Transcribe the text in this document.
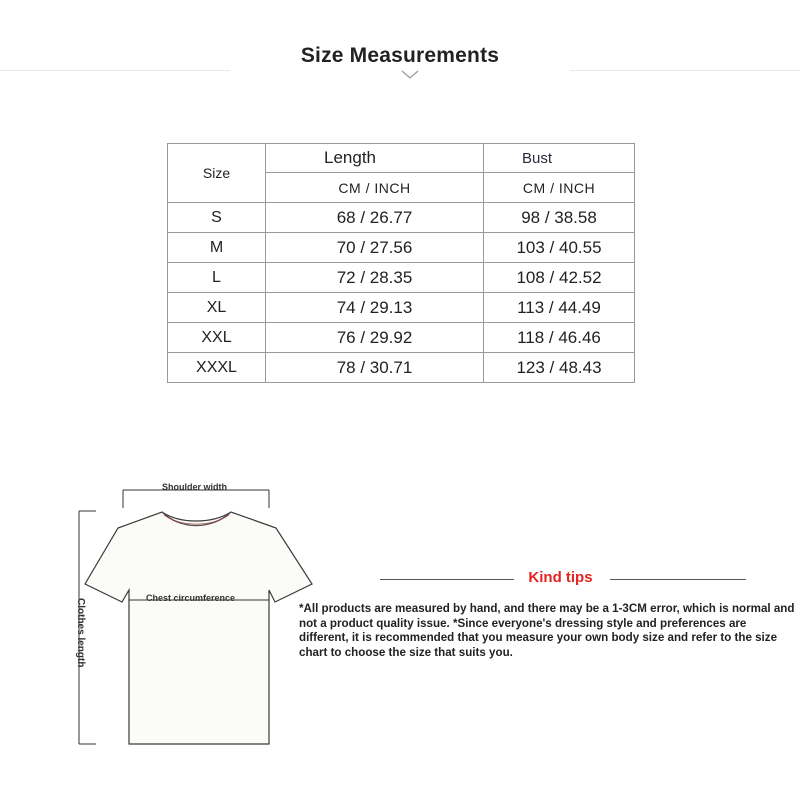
Size Measurements
Size	Length	Bust
	CM / INCH	CM / INCH
S	68 / 26.77	98 / 38.58
M	70 / 27.56	103 / 40.55
L	72 / 28.35	108 / 42.52
XL	74 / 29.13	113 / 44.49
XXL	76 / 29.92	118 / 46.46
XXXL	78 / 30.71	123 / 48.43
Shoulder width
Chest circumference
Clothes length
Kind tips
*All products are measured by hand, and there may be a 1-3CM error, which is normal and not a product quality issue. *Since everyone's dressing style and preferences are different, it is recommended that you measure your own body size and refer to the size chart to choose the size that suits you.
